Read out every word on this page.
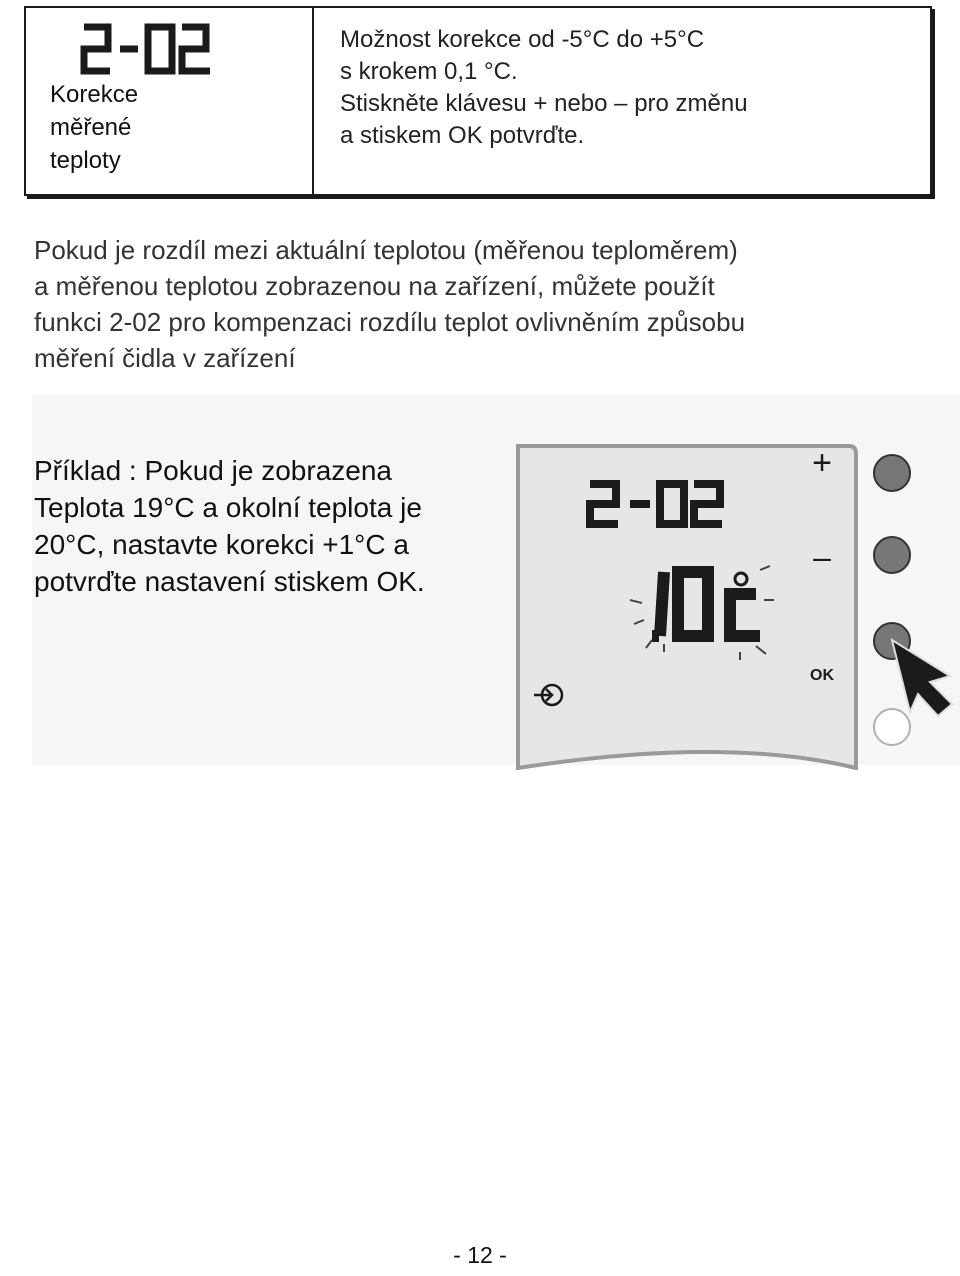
Korekce
měřené
teploty
Možnost korekce od -5°C do +5°C
s krokem 0,1 °C.
Stiskněte klávesu + nebo – pro změnu
a stiskem OK potvrďte.
Pokud je rozdíl mezi aktuální teplotou (měřenou teploměrem)
a měřenou teplotou zobrazenou na zařízení, můžete použít
funkci 2-02 pro kompenzaci rozdílu teplot ovlivněním způsobu
měření čidla v zařízení
Příklad : Pokud je zobrazena
Teplota 19°C a okolní teplota je
20°C, nastavte korekci +1°C a
potvrďte nastavení stiskem OK.
+
–
OK
- 12 -
